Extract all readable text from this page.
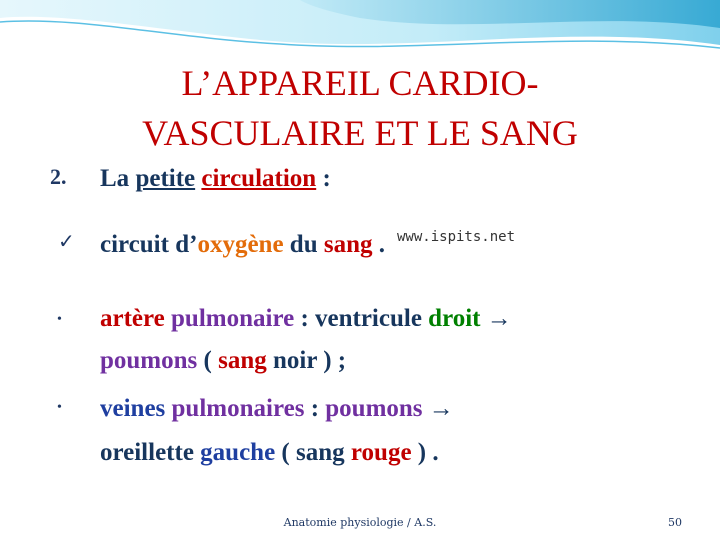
L’APPAREIL CARDIO-
VASCULAIRE ET LE SANG
2. La petite circulation :
✓ circuit d’oxygène du sang . www.ispits.net
• artère pulmonaire : ventricule droit →
poumons ( sang noir ) ;
• veines pulmonaires : poumons →
oreillette gauche ( sang rouge ) .
Anatomie physiologie / A.S.	50
